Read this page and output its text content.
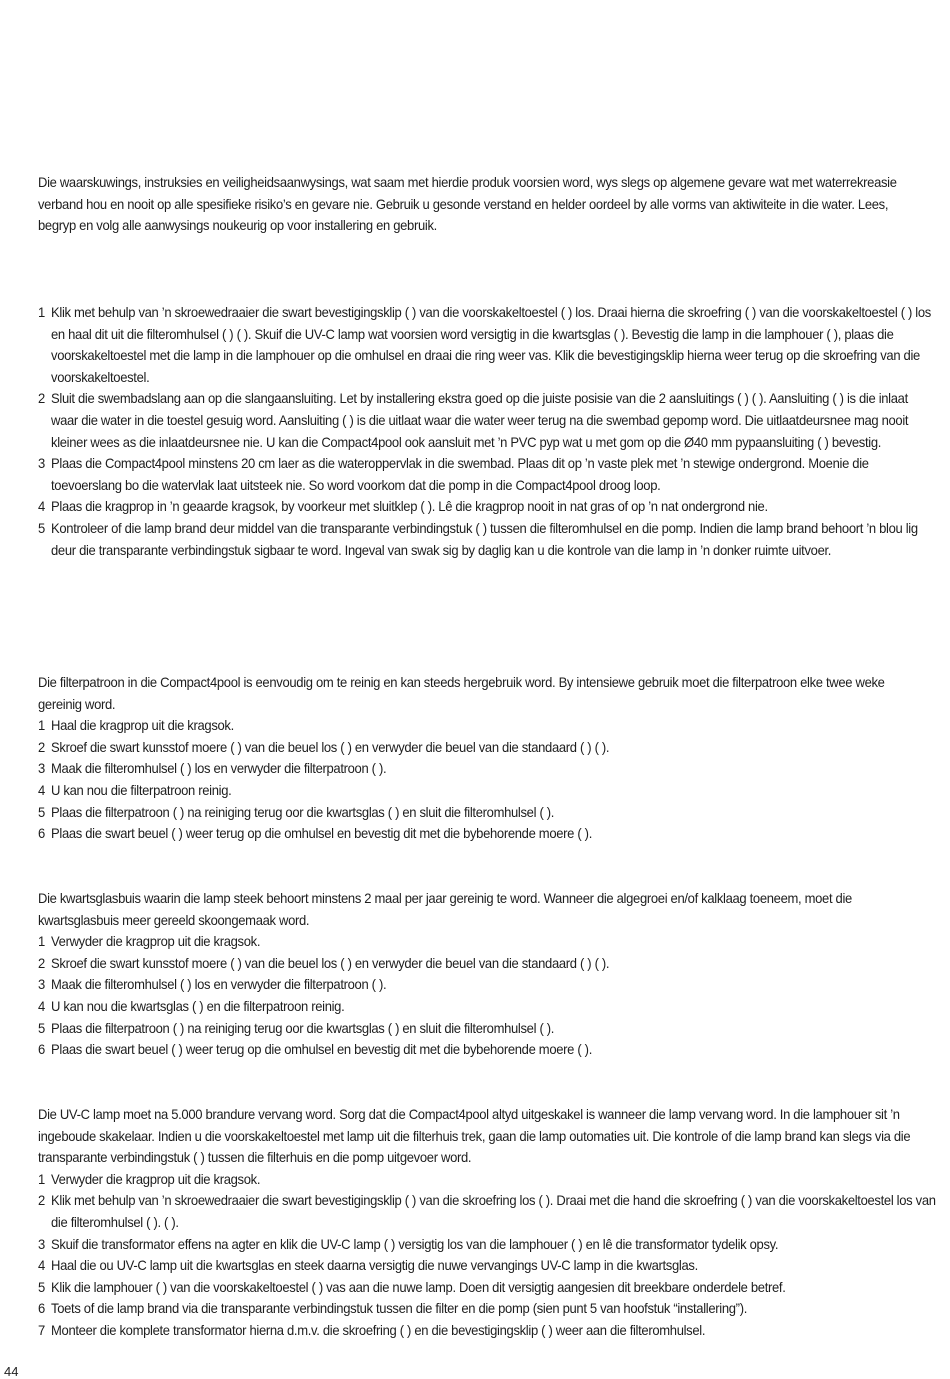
Die waarskuwings, instruksies en veiligheidsaanwysings, wat saam met hierdie produk voorsien word, wys slegs op algemene gevare wat met waterrekreasie verband hou en nooit op alle spesifieke risiko’s en gevare nie. Gebruik u gesonde verstand en helder oordeel by alle vorms van aktiwiteite in die water. Lees, begryp en volg alle aanwysings noukeurig op voor installering en gebruik.

1 Klik met behulp van ’n skroewedraaier die swart bevestigingsklip ( ) van die voorskakeltoestel ( ) los. Draai hierna die skroefring ( ) van die voorskakeltoestel ( ) los en haal dit uit die filteromhulsel ( ) ( ). Skuif die UV-C lamp wat voorsien word versigtig in die kwartsglas ( ). Bevestig die lamp in die lamphouer ( ), plaas die voorskakeltoestel met die lamp in die lamphouer op die omhulsel en draai die ring weer vas. Klik die bevestigingsklip hierna weer terug op die skroefring van die voorskakeltoestel.
2 Sluit die swembadslang aan op die slangaansluiting. Let by installering ekstra goed op die juiste posisie van die 2 aansluitings ( ) ( ). Aansluiting ( ) is die inlaat waar die water in die toestel gesuig word. Aansluiting ( ) is die uitlaat waar die water weer terug na die swembad gepomp word. Die uitlaatdeursnee mag nooit kleiner wees as die inlaatdeursnee nie. U kan die Compact4pool ook aansluit met ’n PVC pyp wat u met gom op die Ø40 mm pypaansluiting ( ) bevestig.
3 Plaas die Compact4pool minstens 20 cm laer as die wateroppervlak in die swembad. Plaas dit op ’n vaste plek met ’n stewige ondergrond. Moenie die toevoerslang bo die watervlak laat uitsteek nie. So word voorkom dat die pomp in die Compact4pool droog loop.
4 Plaas die kragprop in ’n geaarde kragsok, by voorkeur met sluitklep ( ). Lê die kragprop nooit in nat gras of op ’n nat ondergrond nie.
5 Kontroleer of die lamp brand deur middel van die transparante verbindingstuk ( ) tussen die filteromhulsel en die pomp. Indien die lamp brand behoort ’n blou lig deur die transparante verbindingstuk sigbaar te word. Ingeval van swak sig by daglig kan u die kontrole van die lamp in ’n donker ruimte uitvoer.

Die filterpatroon in die Compact4pool is eenvoudig om te reinig en kan steeds hergebruik word. By intensiewe gebruik moet die filterpatroon elke twee weke gereinig word.

1 Haal die kragprop uit die kragsok.
2 Skroef die swart kunsstof moere ( ) van die beuel los ( ) en verwyder die beuel van die standaard ( ) ( ).
3 Maak die filteromhulsel ( ) los en verwyder die filterpatroon ( ).
4 U kan nou die filterpatroon reinig.
5 Plaas die filterpatroon ( ) na reiniging terug oor die kwartsglas ( ) en sluit die filteromhulsel ( ).
6 Plaas die swart beuel ( ) weer terug op die omhulsel en bevestig dit met die bybehorende moere ( ).

Die kwartsglasbuis waarin die lamp steek behoort minstens 2 maal per jaar gereinig te word. Wanneer die algegroei en/of kalklaag toeneem, moet die kwartsglasbuis meer gereeld skoongemaak word.

1 Verwyder die kragprop uit die kragsok.
2 Skroef die swart kunsstof moere ( ) van die beuel los ( ) en verwyder die beuel van die standaard ( ) ( ).
3 Maak die filteromhulsel ( ) los en verwyder die filterpatroon ( ).
4 U kan nou die kwartsglas ( ) en die filterpatroon reinig.
5 Plaas die filterpatroon ( ) na reiniging terug oor die kwartsglas ( ) en sluit die filteromhulsel ( ).
6 Plaas die swart beuel ( ) weer terug op die omhulsel en bevestig dit met die bybehorende moere ( ).

Die UV-C lamp moet na 5.000 brandure vervang word. Sorg dat die Compact4pool altyd uitgeskakel is wanneer die lamp vervang word. In die lamphouer sit ’n ingeboude skakelaar. Indien u die voorskakeltoestel met lamp uit die filterhuis trek, gaan die lamp outomaties uit. Die kontrole of die lamp brand kan slegs via die transparante verbindingstuk ( ) tussen die filterhuis en die pomp uitgevoer word.

1 Verwyder die kragprop uit die kragsok.
2 Klik met behulp van ’n skroewedraaier die swart bevestigingsklip ( ) van die skroefring los ( ). Draai met die hand die skroefring ( ) van die voorskakeltoestel los van die filteromhulsel ( ). ( ).
3 Skuif die transformator effens na agter en klik die UV-C lamp ( ) versigtig los van die lamphouer ( ) en lê die transformator tydelik opsy.
4 Haal die ou UV-C lamp uit die kwartsglas en steek daarna versigtig die nuwe vervangings UV-C lamp in die kwartsglas.
5 Klik die lamphouer ( ) van die voorskakeltoestel ( ) vas aan die nuwe lamp. Doen dit versigtig aangesien dit breekbare onderdele betref.
6 Toets of die lamp brand via die transparante verbindingstuk tussen die filter en die pomp (sien punt 5 van hoofstuk “installering”).
7 Monteer die komplete transformator hierna d.m.v. die skroefring ( ) en die bevestigingsklip ( ) weer aan die filteromhulsel.
44
